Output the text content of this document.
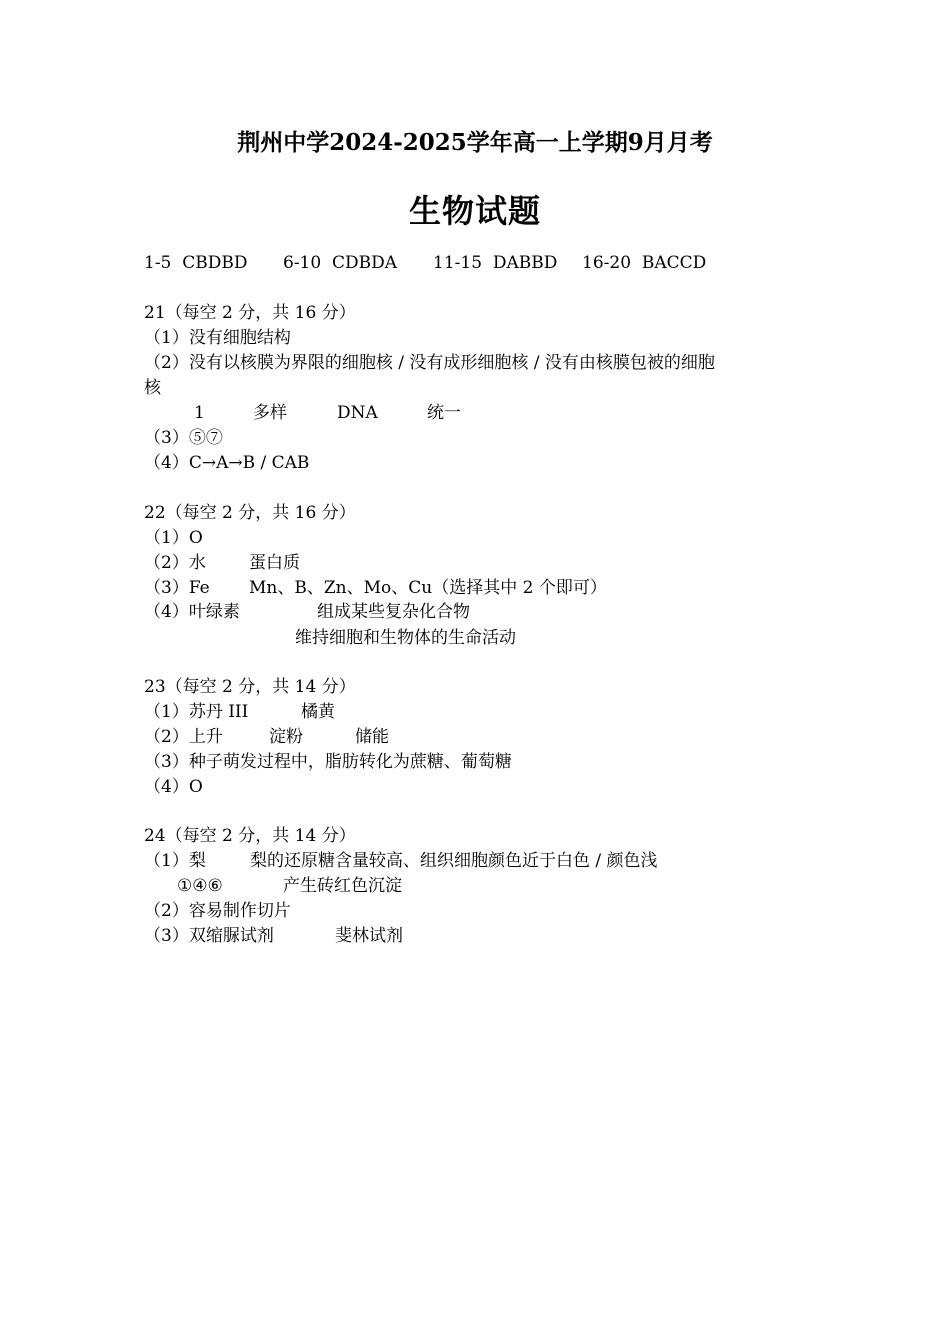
荆州中学2024-2025学年高一上学期9月月考
生物试题
1-5 CBDBD 6-10 CDBDA 11-15 DABBD 16-20 BACCD
21（每空 2 分，共 16 分）
（1）没有细胞结构
（2）没有以核膜为界限的细胞核 / 没有成形细胞核 / 没有由核膜包被的细胞
核
1	多样	DNA	统一
（3）⑤⑦
（4）C→A→B / CAB
22（每空 2 分，共 16 分）
（1）O
（2）水	蛋白质
（3）Fe Mn、B、Zn、Mo、Cu（选择其中 2 个即可）
（4）叶绿素	组成某些复杂化合物
维持细胞和生物体的生命活动
23（每空 2 分，共 14 分）
（1）苏丹 III	橘黄
（2）上升	淀粉	储能
（3）种子萌发过程中，脂肪转化为蔗糖、葡萄糖
（4）O
24（每空 2 分，共 14 分）
（1）梨	梨的还原糖含量较高、组织细胞颜色近于白色 / 颜色浅
①④⑥	产生砖红色沉淀
（2）容易制作切片
（3）双缩脲试剂	斐林试剂
